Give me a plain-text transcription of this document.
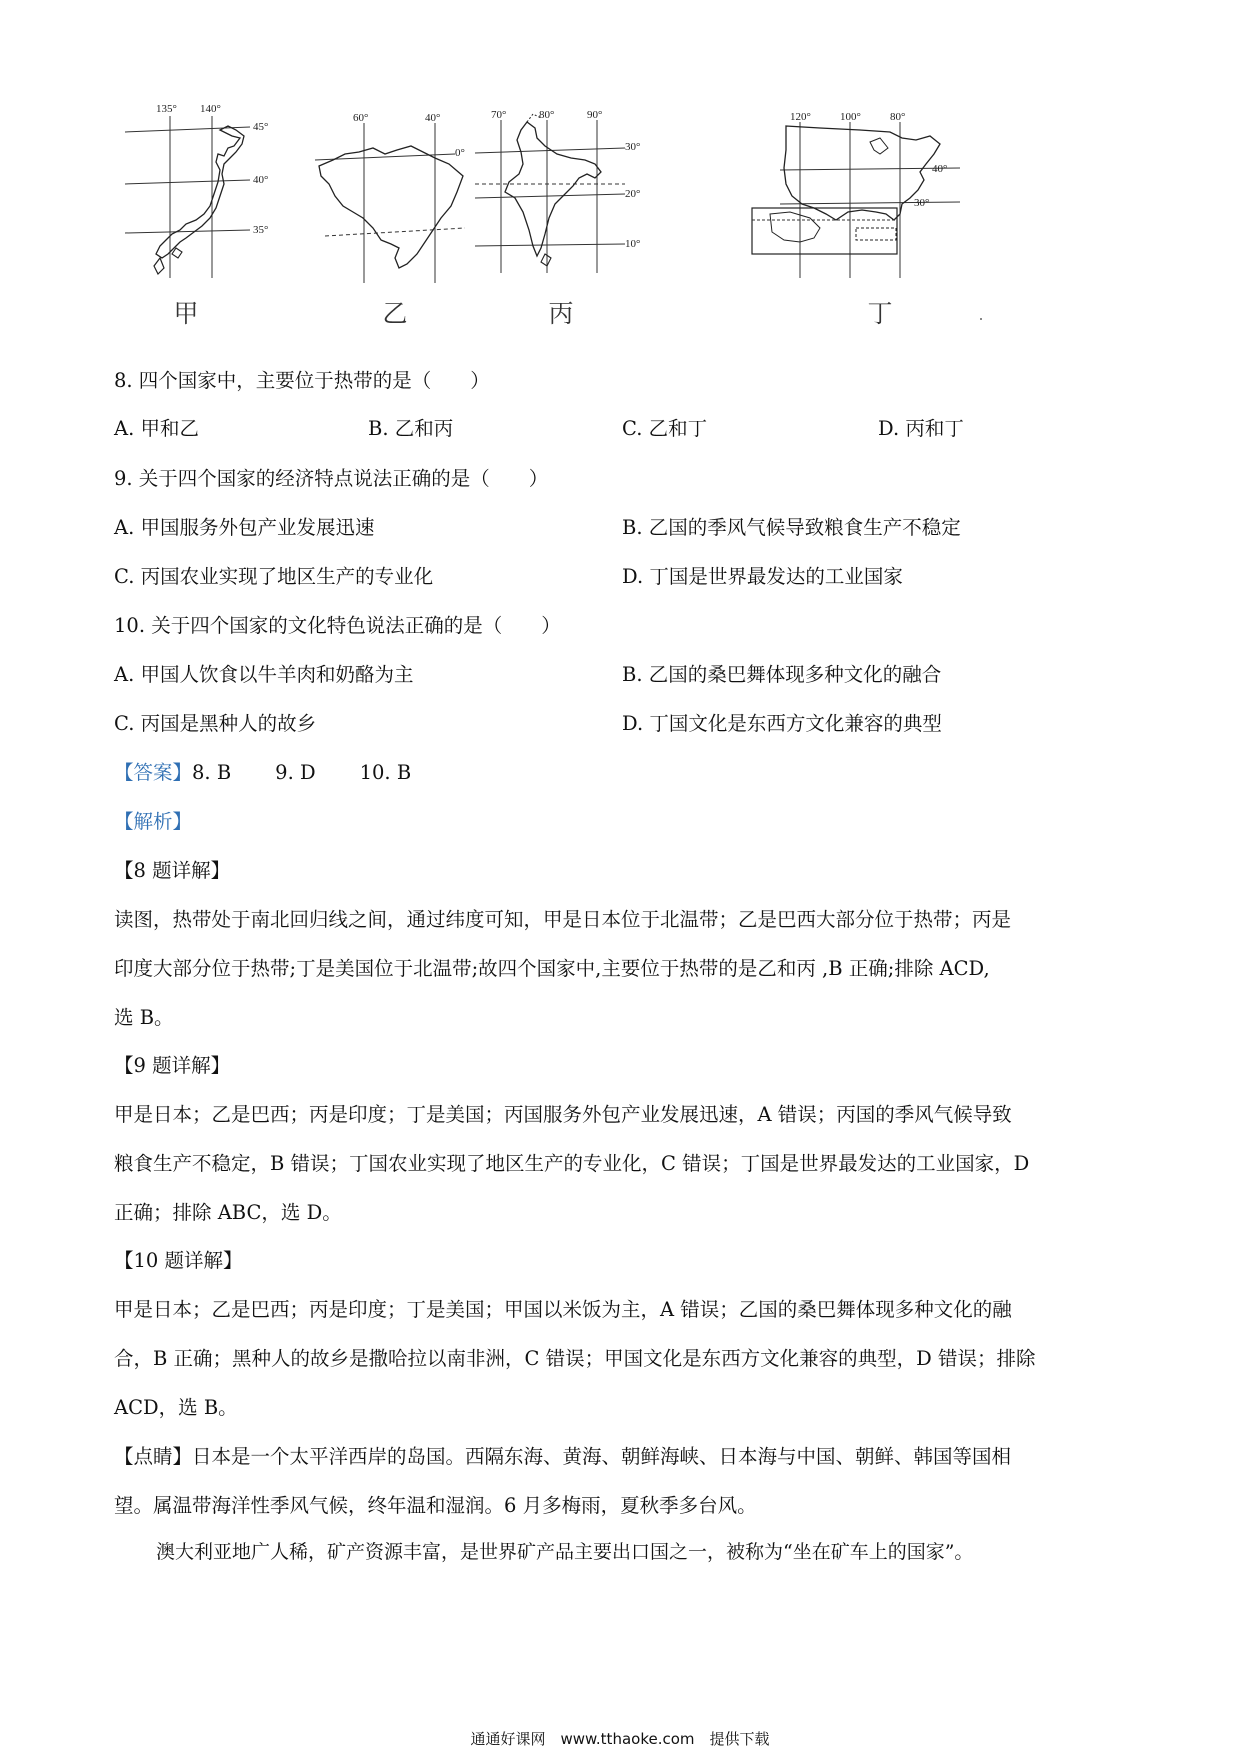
135° 140°
45°
40°
35°
甲
60°	40°
0°
乙
70°	80°	90°
30°
20°
10°
丙
120°	100°	80°
40°
30°
丁
8. 四个国家中，主要位于热带的是（　　）
A. 甲和乙	B. 乙和丙	C. 乙和丁	D. 丙和丁
9. 关于四个国家的经济特点说法正确的是（　　）
A. 甲国服务外包产业发展迅速	B. 乙国的季风气候导致粮食生产不稳定
C. 丙国农业实现了地区生产的专业化	D. 丁国是世界最发达的工业国家
10. 关于四个国家的文化特色说法正确的是（　　）
A. 甲国人饮食以牛羊肉和奶酪为主	B. 乙国的桑巴舞体现多种文化的融合
C. 丙国是黑种人的故乡	D. 丁国文化是东西方文化兼容的典型
【答案】8. B 9. D 10. B
【解析】
【8 题详解】
读图，热带处于南北回归线之间，通过纬度可知，甲是日本位于北温带；乙是巴西大部分位于热带；丙是
印度大部分位于热带;丁是美国位于北温带;故四个国家中,主要位于热带的是乙和丙 ,B 正确;排除 ACD,
选 B。
【9 题详解】
甲是日本；乙是巴西；丙是印度；丁是美国；丙国服务外包产业发展迅速，A 错误；丙国的季风气候导致
粮食生产不稳定，B 错误；丁国农业实现了地区生产的专业化，C 错误；丁国是世界最发达的工业国家，D
正确；排除 ABC，选 D。
【10 题详解】
甲是日本；乙是巴西；丙是印度；丁是美国；甲国以米饭为主，A 错误；乙国的桑巴舞体现多种文化的融
合，B 正确；黑种人的故乡是撒哈拉以南非洲，C 错误；甲国文化是东西方文化兼容的典型，D 错误；排除
ACD，选 B。
【点睛】日本是一个太平洋西岸的岛国。西隔东海、黄海、朝鲜海峡、日本海与中国、朝鲜、韩国等国相
望。属温带海洋性季风气候，终年温和湿润。6 月多梅雨，夏秋季多台风。
澳大利亚地广人稀，矿产资源丰富，是世界矿产品主要出口国之一，被称为“坐在矿车上的国家”。
通通好课网　www.tthaoke.com　提供下载
